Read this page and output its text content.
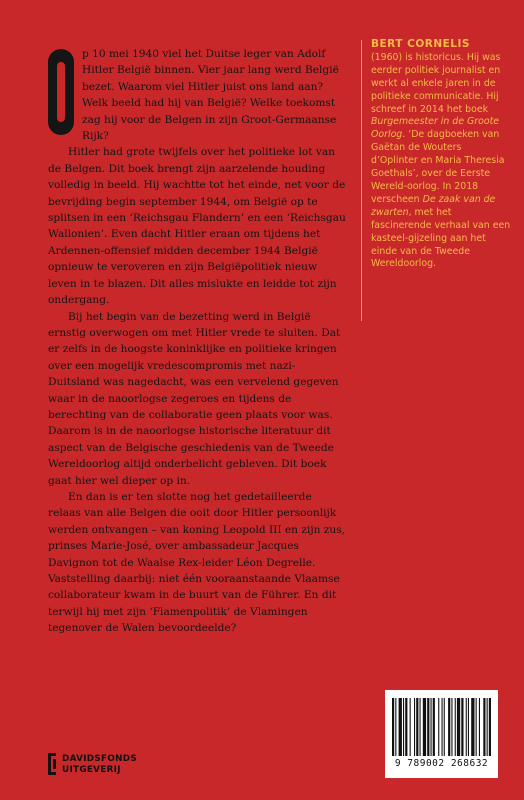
p 10 mei 1940 viel het Duitse leger van Adolf Hitler België binnen. Vier jaar lang werd België bezet. Waarom viel Hitler juist ons land aan? Welk beeld had hij van België? Welke toekomst zag hij voor de Belgen in zijn Groot-Germaanse Rijk?

Hitler had grote twijfels over het politieke lot van de Belgen. Dit boek brengt zijn aarzelende houding volledig in beeld. Hij wachtte tot het einde, net voor de bevrijding begin september 1944, om België op te splitsen in een ‘Reichsgau Flandern’ en een ‘Reichsgau Wallonien’. Even dacht Hitler eraan om tijdens het Ardennen-offensief midden december 1944 België opnieuw te veroveren en zijn Belgiëpolitiek nieuw leven in te blazen. Dit alles mislukte en leidde tot zijn ondergang.

Bij het begin van de bezetting werd in België ernstig overwogen om met Hitler vrede te sluiten. Dat er zelfs in de hoogste koninklijke en politieke kringen over een mogelijk vredescompromis met nazi-Duitsland was nagedacht, was een vervelend gegeven waar in de naoorlogse zegeroes en tijdens de berechting van de collaboratie geen plaats voor was. Daarom is in de naoorlogse historische literatuur dit aspect van de Belgische geschiedenis van de Tweede Wereldoorlog altijd onderbelicht gebleven. Dit boek gaat hier wel dieper op in.

En dan is er ten slotte nog het gedetailleerde relaas van alle Belgen die ooit door Hitler persoonlijk werden ontvangen – van koning Leopold III en zijn zus, prinses Marie-José, over ambassadeur Jacques Davignon tot de Waalse Rex-leider Léon Degrelle. Vaststelling daarbij: niet één vooraanstaande Vlaamse collaborateur kwam in de buurt van de Führer. En dit terwijl hij met zijn ‘Flamenpolitik’ de Vlamingen tegenover de Walen bevoordeelde?

BERT CORNELIS
(1960) is historicus. Hij was eerder politiek journalist en werkt al enkele jaren in de politieke communicatie. Hij schreef in 2014 het boek Burgemeester in de Groote Oorlog. ‘De dagboeken van Gaëtan de Wouters d’Oplinter en Maria Theresia Goethals’, over de Eerste Wereld-oorlog. In 2018 verscheen De zaak van de zwarten, met het fascinerende verhaal van een kasteel-gijzeling aan het einde van de Tweede Wereldoorlog.
DAVIDSFONDS
UITGEVERIJ
9 789002 268632
